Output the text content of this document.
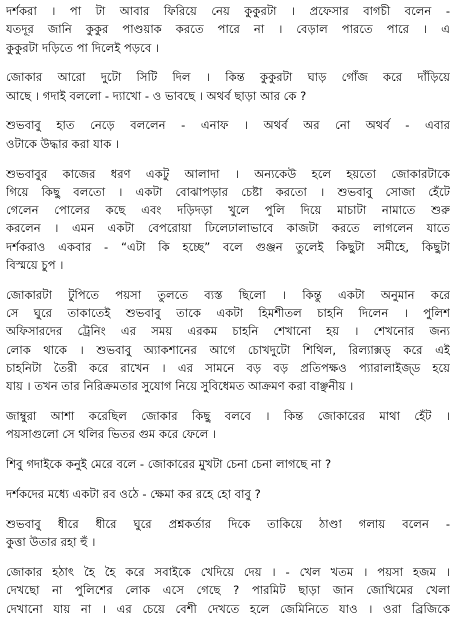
দর্শকরা । পা টা আবার ফিরিয়ে নেয় কুকুরটা । প্রফেসার বাগচী বলেন -
যতদূর জানি কুকুর পাণ্ডয়াক করতে পারে না । বেড়াল পারতে পারে । এ
কুকুরটা দড়িতে পা দিলেই পড়বে ।
জোকার আরো দুটো সিটি দিল । কিন্ত কুকুরটা ঘাড় গোঁজ করে দাঁড়িয়ে
আছে । গদাই বললো - দ্যাখো - ও ভাবছে । অথর্ব ছাড়া আর কে ?
শুভবাবু হাত নেড়ে বললেন - এনাফ । অথর্ব অর নো অথর্ব - এবার
ওটাকে উদ্ধার করা যাক ।
শুভবাবুর কাজের ধরণ একটু আলাদা । অন্যকেউ হলে হয়তো জোকারটাকে
গিয়ে কিছু বলতো । একটা বোঝাপড়ার চেষ্টা করতো । শুভবাবু সোজা হেঁটে
গেলেন পোলের কছে এবং দড়িদড়া খুলে পুলি দিয়ে মাচাটা নামাতে শুরু
করলেন । এমন একটা বেপরোয়া ঢিলেঢালাভাবে কাজটা করতে লাগলেন যাতে
দর্শকরাও একবার - “এটা কি হচ্ছে” বলে গুঞ্জন তুলেই কিছুটা সমীহে, কিছুটা
বিস্ময়ে চুপ ।
জোকারটা টুপিতে পয়সা তুলতে ব্যস্ত ছিলো । কিন্তু একটা অনুমান করে
সে ঘুরে তাকাতেই শুভবাবু তাকে একটা হিমশীতল চাহনি দিলেন । পুলিশ
অফিসারদের ট্রেনিং এর সময় এরকম চাহনি শেখানো হয় । শেখনোর জন্য
লোক থাকে । শুভবাবু অ্যাকশানের আগে চোখদুটো শিথিল, রিল্যাক্সড্ করে এই
চাহনিটা তৈরী করে রাখেন । এর সামনে বড় বড় প্রতিপক্ষও প্যারালাইজ্ড হয়ে
যায় । তখন তার নিরিক্রমতার সুযোগ নিয়ে সুবিধেমত আক্রমণ করা বাঞ্ছনীয় ।
জাম্বুরা আশা করেছিল জোকার কিছু বলবে । কিন্ত জোকারের মাথা হেঁট ।
পয়সাগুলো সে থলির ভিতর গুম করে ফেলে ।
শিবু গদাইকে কনুই মেরে বলে - জোকারের মুখটা চেনা চেনা লাগছে না ?
দর্শকদের মধ্যে একটা রব ওঠে - ক্ষেমা কর রহে হো বাবু ?
শুভবাবু ধীরে ধীরে ঘুরে প্রশ্নকর্তার দিকে তাকিয়ে ঠাণ্ডা গলায় বলেন -
কুত্তা উতার রহা হুঁ ।
জোকার হঠাৎ হৈ হৈ করে সবাইকে খেদিয়ে দেয় । - খেল খতম । পয়সা হজম ।
দেখছো না পুলিশের লোক এসে গেছে ? পারমিট ছাড়া জান জোখিমের খেলা
দেখানো যায় না । এর চেয়ে বেশী দেখতে হলে জেমিনিতে যাও । ওরা ব্রিজিকে
